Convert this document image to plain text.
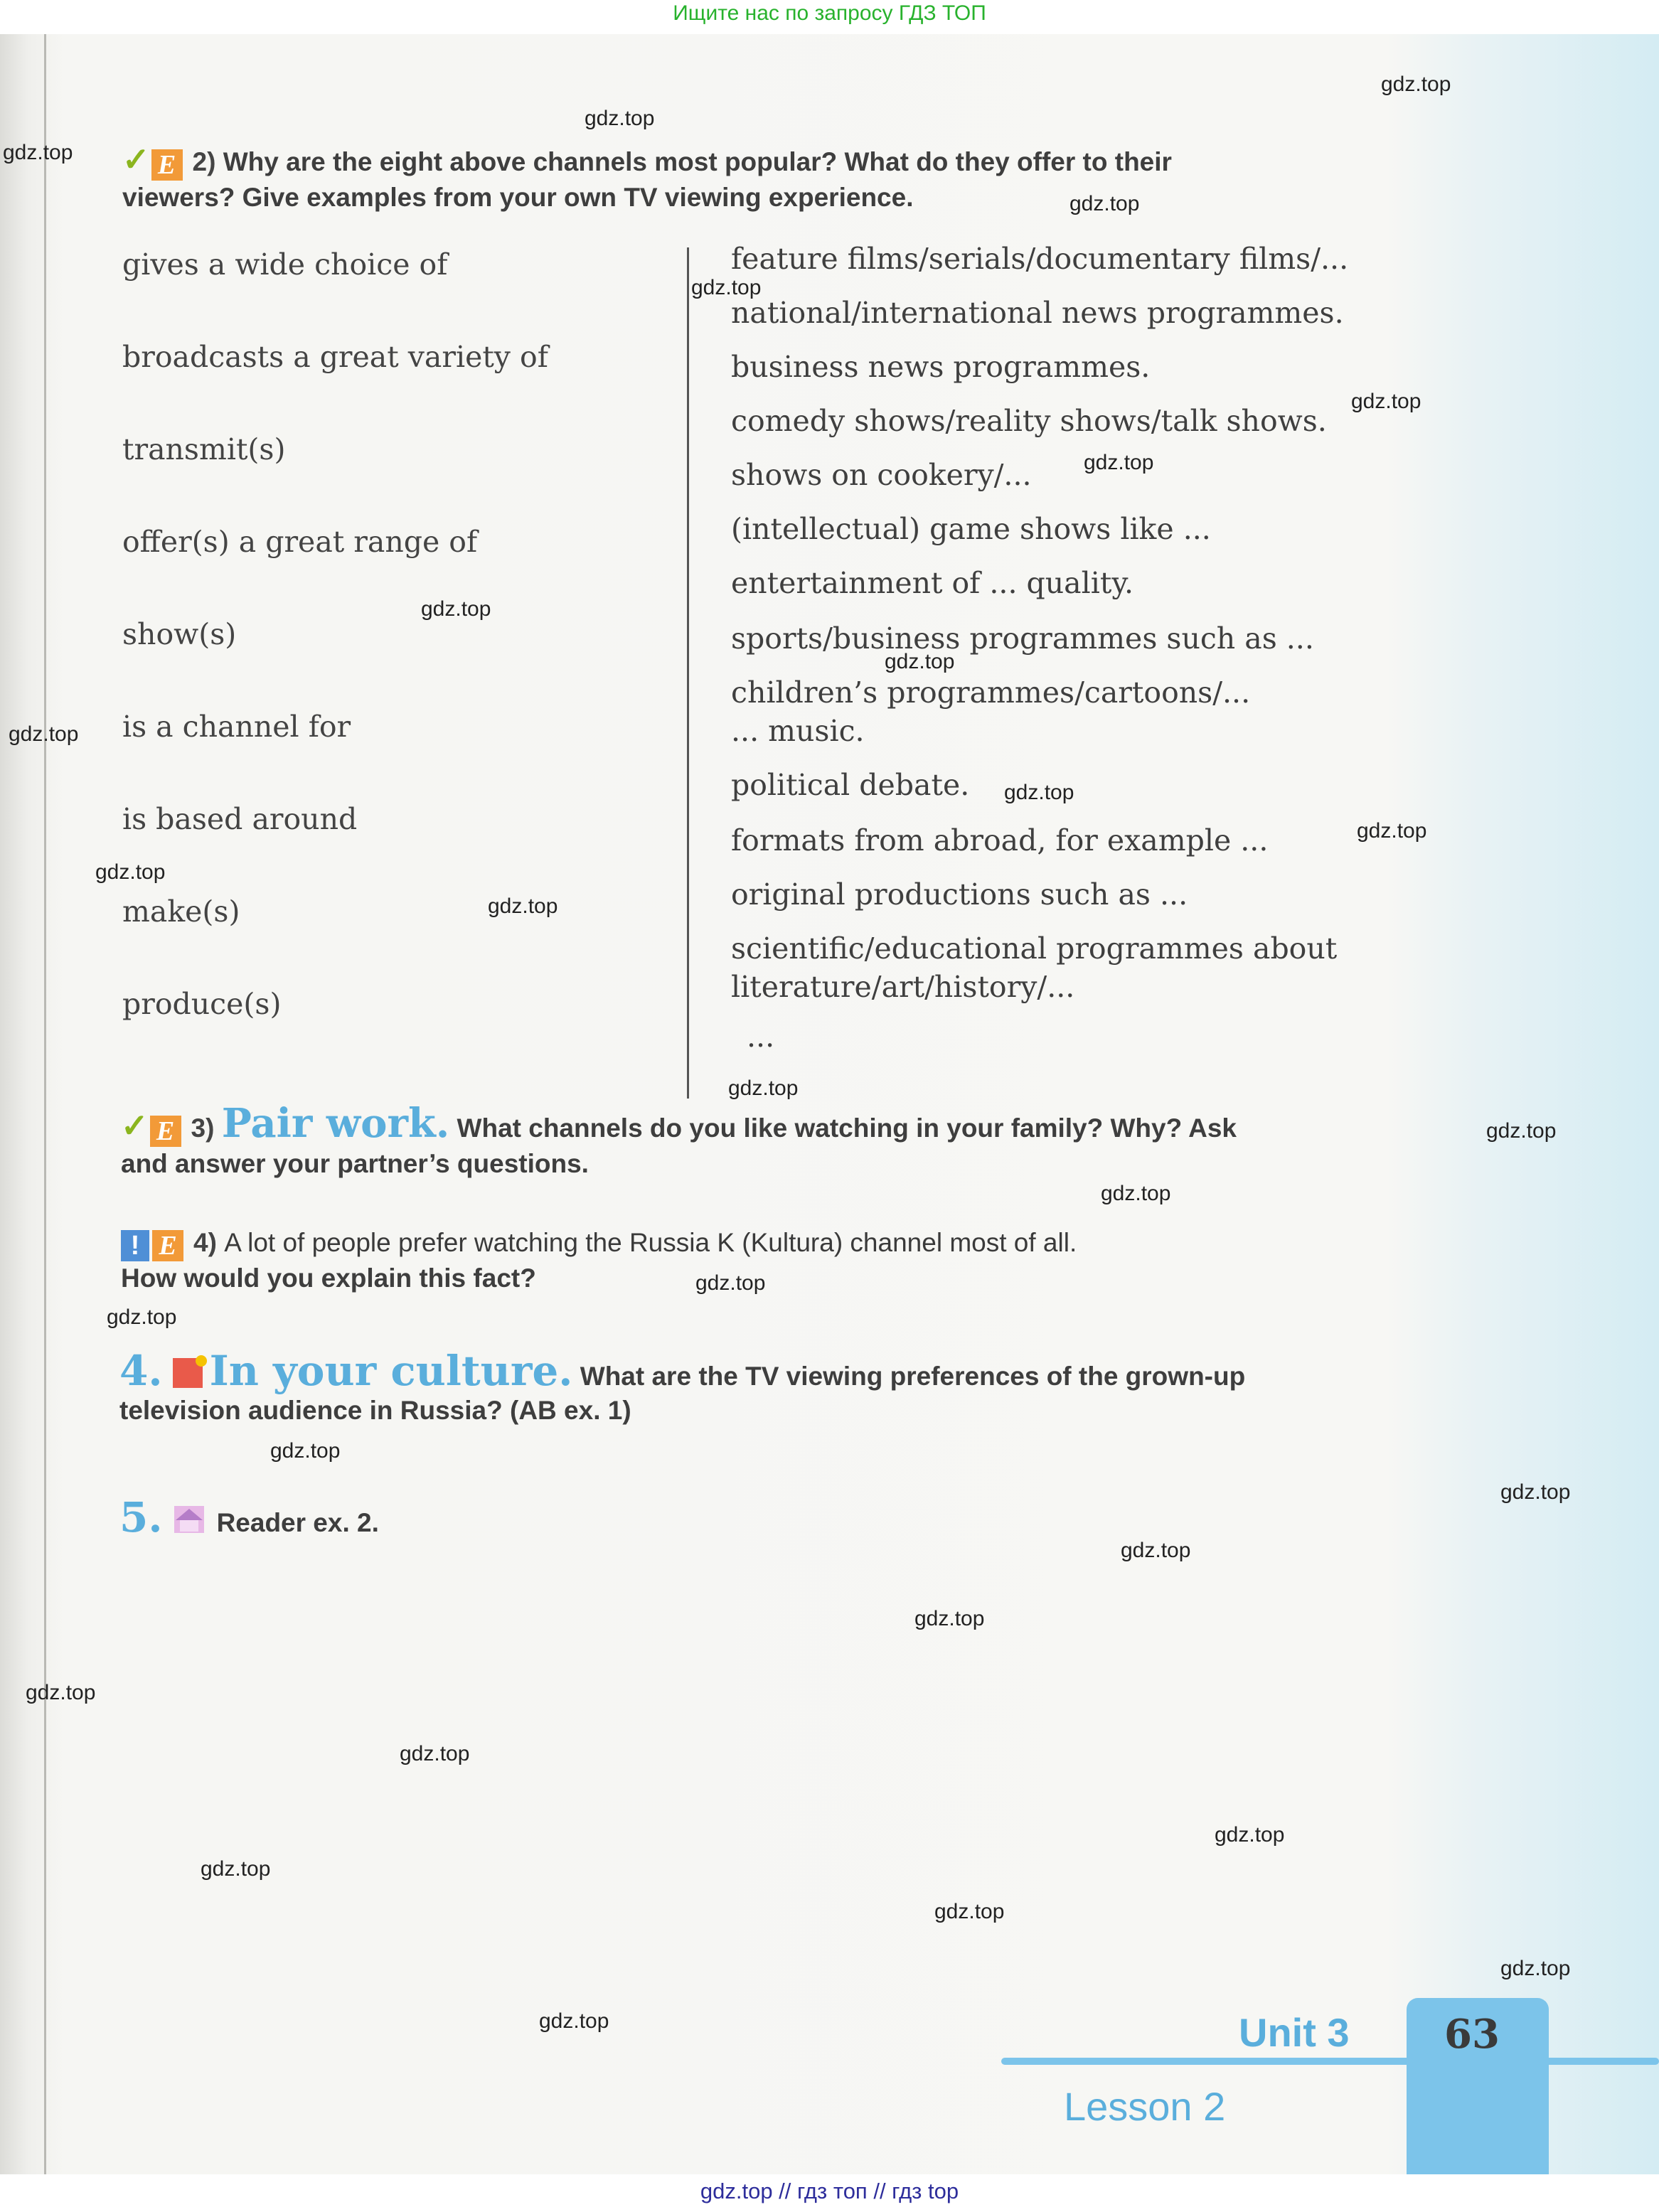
Ищите нас по запросу ГДЗ ТОП
✓ E 2) Why are the eight above channels most popular? What do they offer to their
viewers? Give examples from your own TV viewing experience.
gives a wide choice of
broadcasts a great variety of
transmit(s)
offer(s) a great range of
show(s)
is a channel for
is based around
make(s)
produce(s)
feature films/serials/documentary films/...
national/international news programmes.
business news programmes.
comedy shows/reality shows/talk shows.
shows on cookery/...
(intellectual) game shows like ...
entertainment of ... quality.
sports/business programmes such as ...
children’s programmes/cartoons/...
... music.
political debate.
formats from abroad, for example ...
original productions such as ...
scientific/educational programmes about
literature/art/history/...
...
✓ E 3) Pair work. What channels do you like watching in your family? Why? Ask
and answer your partner’s questions.
! E 4) A lot of people prefer watching the Russia K (Kultura) channel most of all.
How would you explain this fact?
4. In your culture. What are the TV viewing preferences of the grown-up
television audience in Russia? (AB ex. 1)
5. Reader ex. 2.
Unit 3
Lesson 2
63
gdz.top
gdz.top
gdz.top
gdz.top
gdz.top
gdz.top
gdz.top
gdz.top
gdz.top
gdz.top
gdz.top
gdz.top
gdz.top
gdz.top
gdz.top
gdz.top
gdz.top
gdz.top
gdz.top
gdz.top
gdz.top
gdz.top
gdz.top
gdz.top
gdz.top
gdz.top
gdz.top
gdz.top
gdz.top
gdz.top
gdz.top // гдз топ // гдз top
